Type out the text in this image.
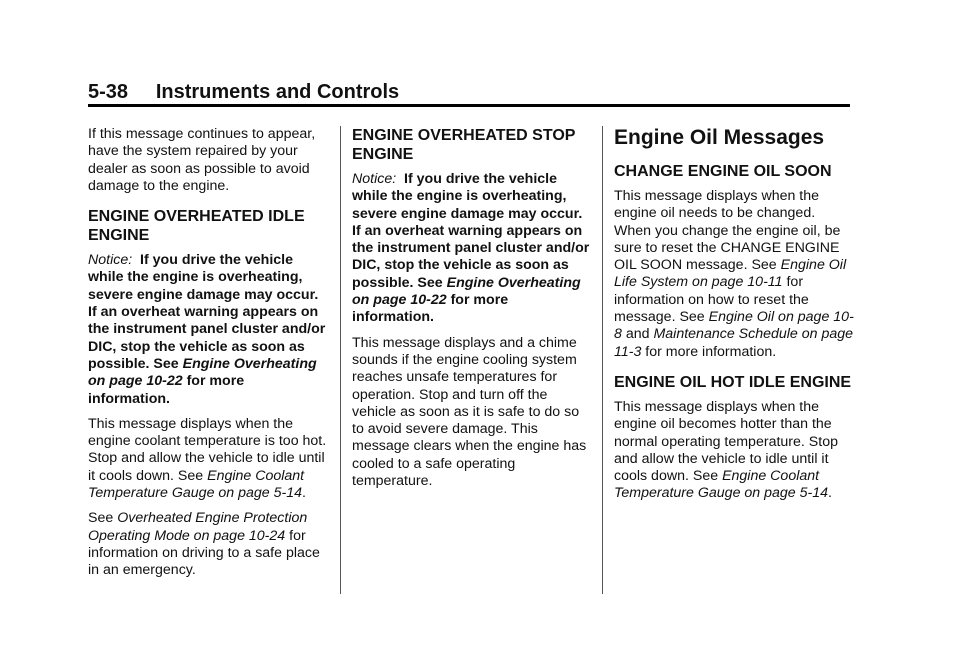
5-38     Instruments and Controls

If this message continues to appear, have the system repaired by your dealer as soon as possible to avoid damage to the engine.

ENGINE OVERHEATED IDLE ENGINE

Notice: If you drive the vehicle while the engine is overheating, severe engine damage may occur. If an overheat warning appears on the instrument panel cluster and/or DIC, stop the vehicle as soon as possible. See Engine Overheating on page 10-22 for more information.

This message displays when the engine coolant temperature is too hot. Stop and allow the vehicle to idle until it cools down. See Engine Coolant Temperature Gauge on page 5-14.

See Overheated Engine Protection Operating Mode on page 10-24 for information on driving to a safe place in an emergency.

ENGINE OVERHEATED STOP ENGINE

Notice: If you drive the vehicle while the engine is overheating, severe engine damage may occur. If an overheat warning appears on the instrument panel cluster and/or DIC, stop the vehicle as soon as possible. See Engine Overheating on page 10-22 for more information.

This message displays and a chime sounds if the engine cooling system reaches unsafe temperatures for operation. Stop and turn off the vehicle as soon as it is safe to do so to avoid severe damage. This message clears when the engine has cooled to a safe operating temperature.

Engine Oil Messages
CHANGE ENGINE OIL SOON

This message displays when the engine oil needs to be changed. When you change the engine oil, be sure to reset the CHANGE ENGINE OIL SOON message. See Engine Oil Life System on page 10-11 for information on how to reset the message. See Engine Oil on page 10-8 and Maintenance Schedule on page 11-3 for more information.

ENGINE OIL HOT IDLE ENGINE

This message displays when the engine oil becomes hotter than the normal operating temperature. Stop and allow the vehicle to idle until it cools down. See Engine Coolant Temperature Gauge on page 5-14.
